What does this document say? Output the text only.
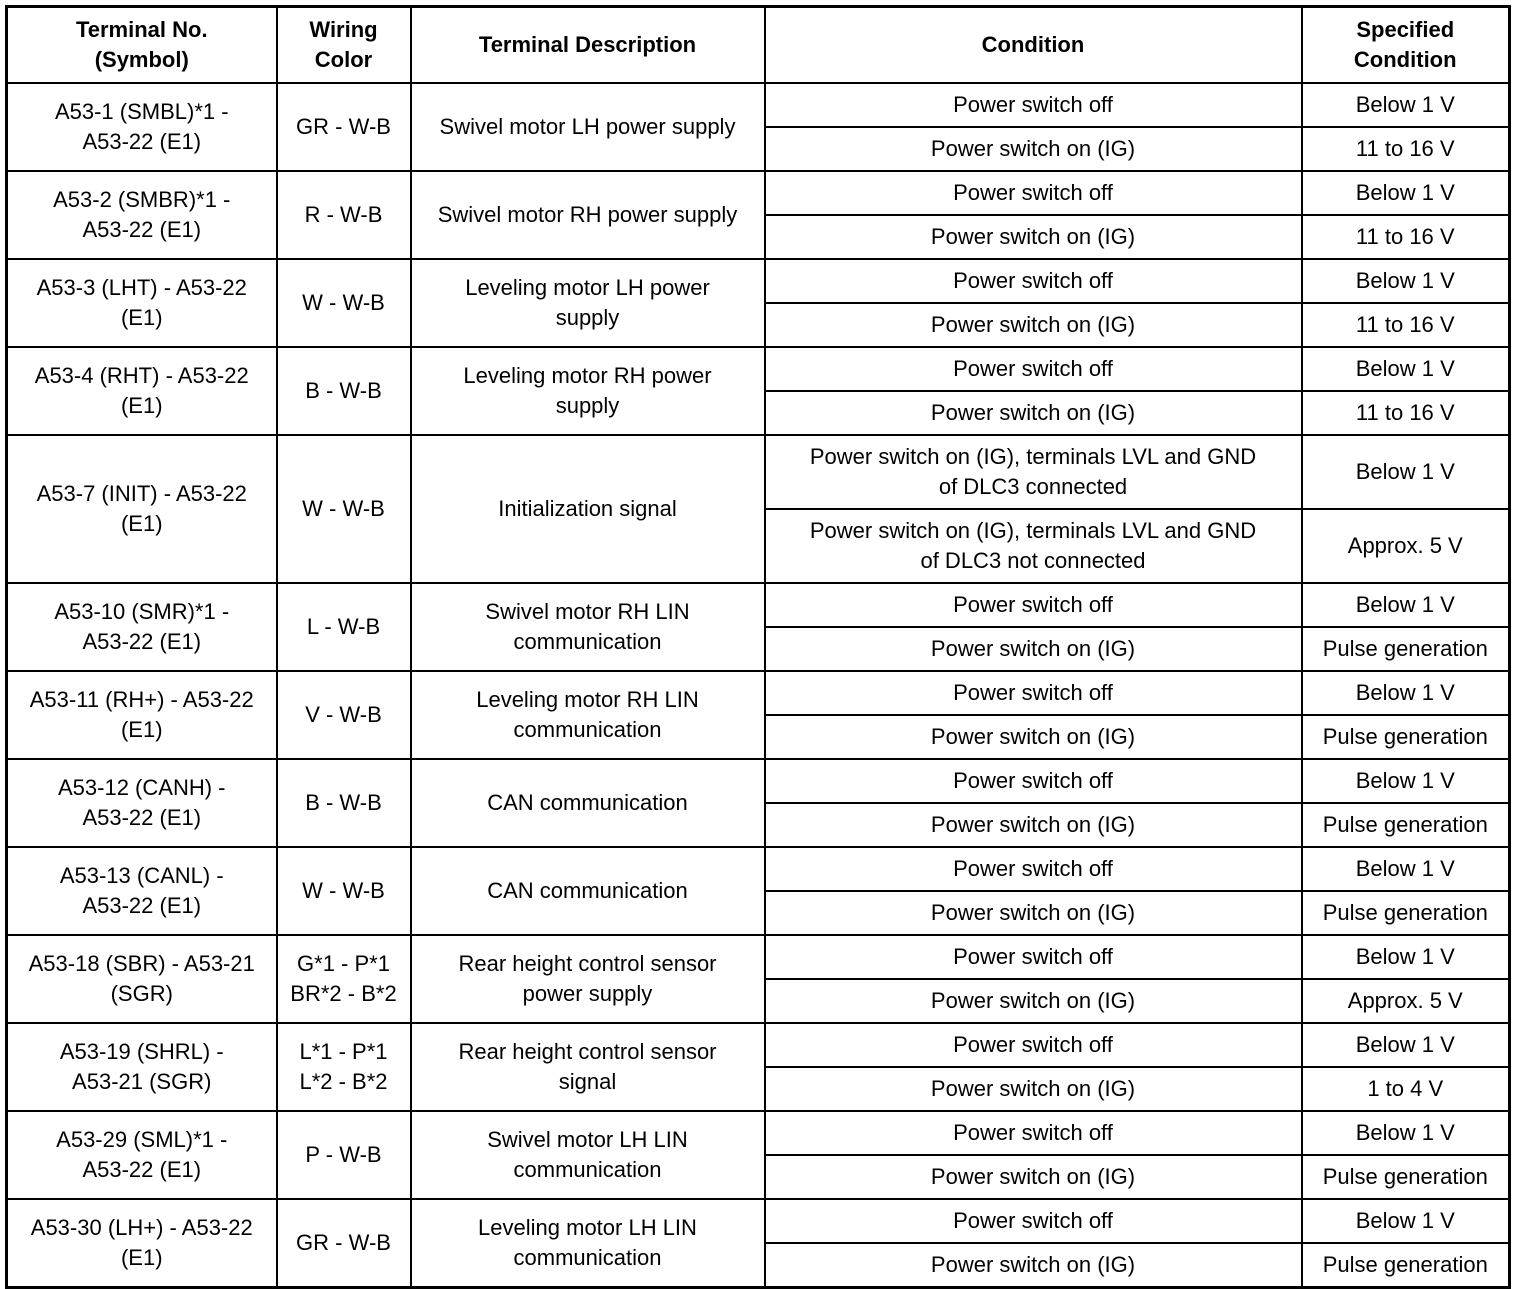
Terminal No.
(Symbol)	Wiring
Color	Terminal Description	Condition	Specified
Condition
A53-1 (SMBL)*1 -
A53-22 (E1)	GR - W-B	Swivel motor LH power supply	Power switch off	Below 1 V
			Power switch on (IG)	11 to 16 V
A53-2 (SMBR)*1 -
A53-22 (E1)	R - W-B	Swivel motor RH power supply	Power switch off	Below 1 V
			Power switch on (IG)	11 to 16 V
A53-3 (LHT) - A53-22
(E1)	W - W-B	Leveling motor LH power
supply	Power switch off	Below 1 V
			Power switch on (IG)	11 to 16 V
A53-4 (RHT) - A53-22
(E1)	B - W-B	Leveling motor RH power
supply	Power switch off	Below 1 V
			Power switch on (IG)	11 to 16 V
A53-7 (INIT) - A53-22
(E1)	W - W-B	Initialization signal	Power switch on (IG), terminals LVL and GND
of DLC3 connected	Below 1 V
			Power switch on (IG), terminals LVL and GND
of DLC3 not connected	Approx. 5 V
A53-10 (SMR)*1 -
A53-22 (E1)	L - W-B	Swivel motor RH LIN
communication	Power switch off	Below 1 V
			Power switch on (IG)	Pulse generation
A53-11 (RH+) - A53-22
(E1)	V - W-B	Leveling motor RH LIN
communication	Power switch off	Below 1 V
			Power switch on (IG)	Pulse generation
A53-12 (CANH) -
A53-22 (E1)	B - W-B	CAN communication	Power switch off	Below 1 V
			Power switch on (IG)	Pulse generation
A53-13 (CANL) -
A53-22 (E1)	W - W-B	CAN communication	Power switch off	Below 1 V
			Power switch on (IG)	Pulse generation
A53-18 (SBR) - A53-21
(SGR)	G*1 - P*1
BR*2 - B*2	Rear height control sensor
power supply	Power switch off	Below 1 V
			Power switch on (IG)	Approx. 5 V
A53-19 (SHRL) -
A53-21 (SGR)	L*1 - P*1
L*2 - B*2	Rear height control sensor
signal	Power switch off	Below 1 V
			Power switch on (IG)	1 to 4 V
A53-29 (SML)*1 -
A53-22 (E1)	P - W-B	Swivel motor LH LIN
communication	Power switch off	Below 1 V
			Power switch on (IG)	Pulse generation
A53-30 (LH+) - A53-22
(E1)	GR - W-B	Leveling motor LH LIN
communication	Power switch off	Below 1 V
			Power switch on (IG)	Pulse generation
